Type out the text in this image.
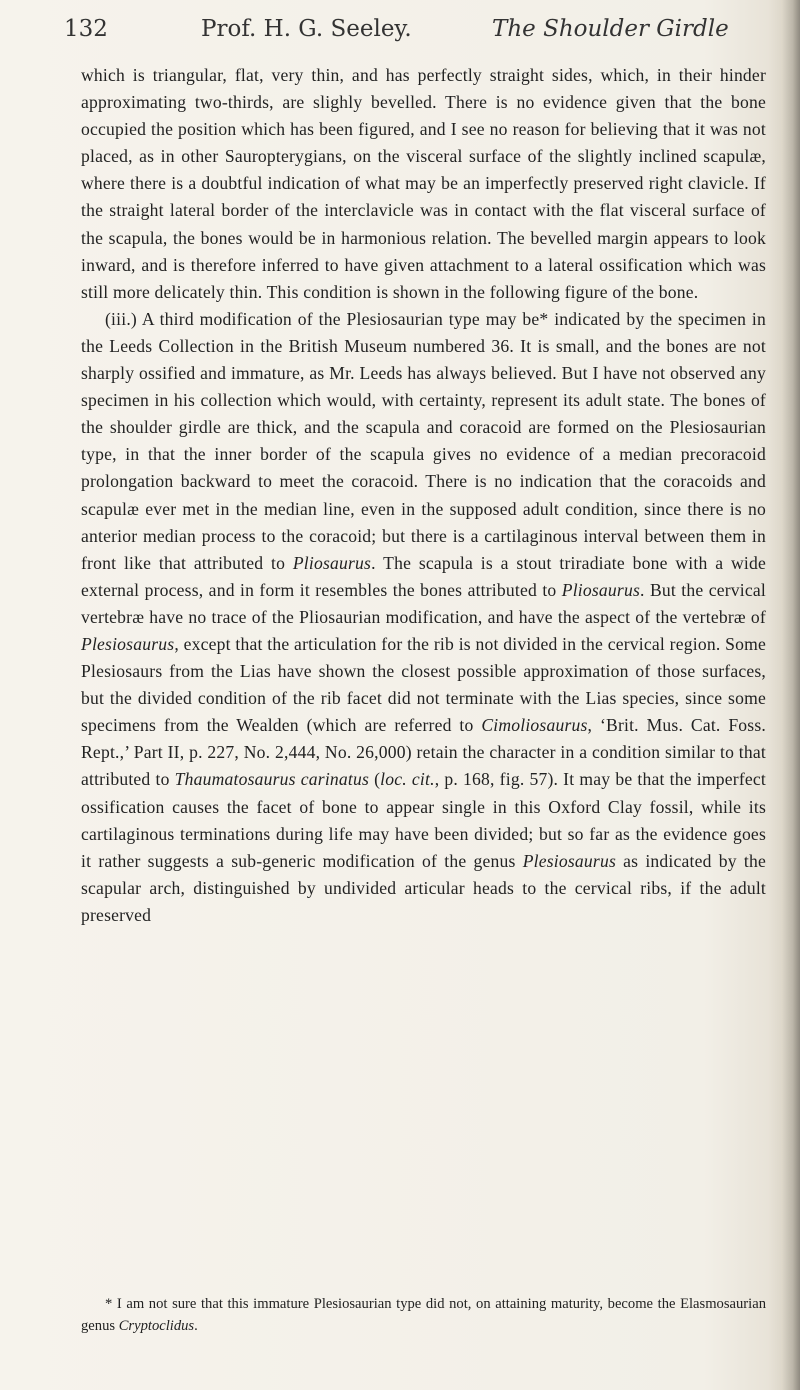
132	Prof. H. G. Seeley.	The Shoulder Girdle

which is triangular, flat, very thin, and has perfectly straight sides, which, in their hinder approximating two-thirds, are slighly bevelled. There is no evidence given that the bone occupied the position which has been figured, and I see no reason for believing that it was not placed, as in other Sauropterygians, on the visceral surface of the slightly inclined scapulæ, where there is a doubtful indication of what may be an imperfectly preserved right clavicle. If the straight lateral border of the interclavicle was in contact with the flat visceral surface of the scapula, the bones would be in harmonious relation. The bevelled margin appears to look inward, and is therefore inferred to have given attachment to a lateral ossification which was still more delicately thin. This condition is shown in the following figure of the bone.

(iii.) A third modification of the Plesiosaurian type may be* indicated by the specimen in the Leeds Collection in the British Museum numbered 36. It is small, and the bones are not sharply ossified and immature, as Mr. Leeds has always believed. But I have not observed any specimen in his collection which would, with certainty, represent its adult state. The bones of the shoulder girdle are thick, and the scapula and coracoid are formed on the Plesiosaurian type, in that the inner border of the scapula gives no evidence of a median precoracoid prolongation backward to meet the coracoid. There is no indication that the coracoids and scapulæ ever met in the median line, even in the supposed adult condition, since there is no anterior median process to the coracoid; but there is a cartilaginous interval between them in front like that attributed to Pliosaurus. The scapula is a stout triradiate bone with a wide external process, and in form it resembles the bones attributed to Pliosaurus. But the cervical vertebræ have no trace of the Pliosaurian modification, and have the aspect of the vertebræ of Plesiosaurus, except that the articulation for the rib is not divided in the cervical region. Some Plesiosaurs from the Lias have shown the closest possible approximation of those surfaces, but the divided condition of the rib facet did not terminate with the Lias species, since some specimens from the Wealden (which are referred to Cimoliosaurus, ‘Brit. Mus. Cat. Foss. Rept.,’ Part II, p. 227, No. 2,444, No. 26,000) retain the character in a condition similar to that attributed to Thaumatosaurus carinatus (loc. cit., p. 168, fig. 57). It may be that the imperfect ossification causes the facet of bone to appear single in this Oxford Clay fossil, while its cartilaginous terminations during life may have been divided; but so far as the evidence goes it rather suggests a sub-generic modification of the genus Plesiosaurus as indicated by the scapular arch, distinguished by undivided articular heads to the cervical ribs, if the adult preserved

* I am not sure that this immature Plesiosaurian type did not, on attaining maturity, become the Elasmosaurian genus Cryptoclidus.
